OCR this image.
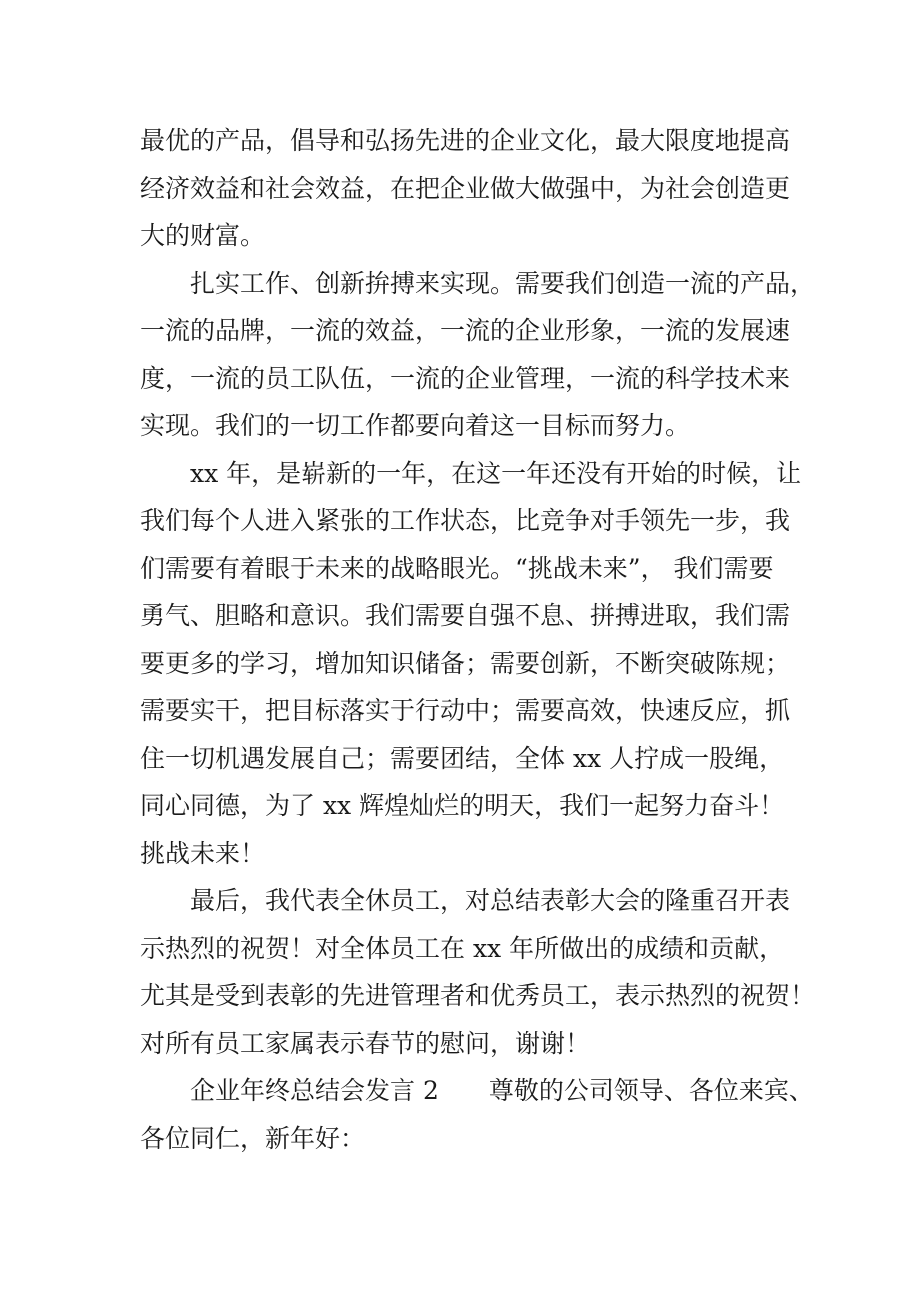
最优的产品，倡导和弘扬先进的企业文化，最大限度地提高
经济效益和社会效益，在把企业做大做强中，为社会创造更
大的财富。
扎实工作、创新拚搏来实现。需要我们创造一流的产品，
一流的品牌，一流的效益，一流的企业形象，一流的发展速
度，一流的员工队伍，一流的企业管理，一流的科学技术来
实现。我们的一切工作都要向着这一目标而努力。
xx 年，是崭新的一年，在这一年还没有开始的时候，让
我们每个人进入紧张的工作状态，比竞争对手领先一步，我
们需要有着眼于未来的战略眼光。“挑战未来”， 我们需要
勇气、胆略和意识。我们需要自强不息、拼搏进取，我们需
要更多的学习，增加知识储备；需要创新，不断突破陈规；
需要实干，把目标落实于行动中；需要高效，快速反应，抓
住一切机遇发展自己；需要团结，全体 xx 人拧成一股绳，
同心同德，为了 xx 辉煌灿烂的明天，我们一起努力奋斗！
挑战未来！
最后，我代表全休员工，对总结表彰大会的隆重召开表
示热烈的祝贺！对全体员工在 xx 年所做出的成绩和贡献，
尤其是受到表彰的先进管理者和优秀员工，表示热烈的祝贺！
对所有员工家属表示春节的慰问，谢谢！
企业年终总结会发言 2　　尊敬的公司领导、各位来宾、
各位同仁，新年好：
